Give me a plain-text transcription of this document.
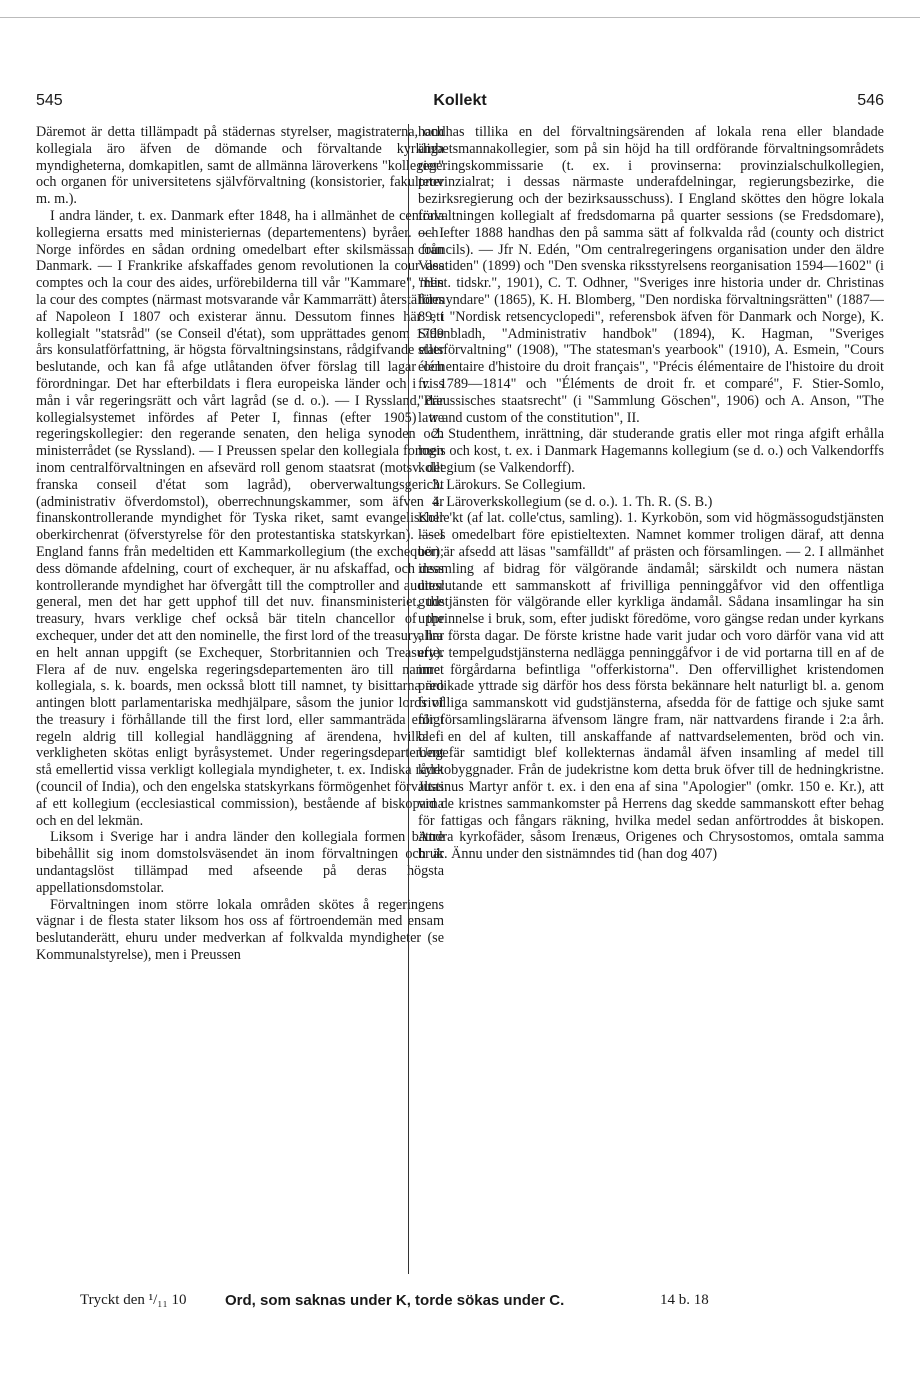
545	Kollekt	546

Däremot är detta tillämpadt på städernas styrelser, magistraterna, och kollegiala äro äfven de dömande och förvaltande kyrkliga myndigheterna, domkapitlen, samt de allmänna läroverkens "kollegier" och organen för universitetens självförvaltning (konsistorier, fakulteter m. m.).

I andra länder, t. ex. Danmark efter 1848, ha i allmänhet de centrala kollegierna ersatts med ministeriernas (departementens) byråer. — I Norge infördes en sådan ordning omedelbart efter skilsmässan från Danmark. — I Frankrike afskaffades genom revolutionen la cour des comptes och la cour des aides, urförebilderna till vår "Kammare", men la cour des comptes (närmast motsvarande vår Kammarrätt) återställdes af Napoleon I 1807 och existerar ännu. Dessutom finnes här ett kollegialt "statsråd" (se Conseil d'état), som upprättades genom 1799 års konsulatförfattning, är högsta förvaltningsinstans, rådgifvande eller beslutande, och kan få afge utlåtanden öfver förslag till lagar och förordningar. Det har efterbildats i flera europeiska länder och i viss mån i vår regeringsrätt och vårt lagråd (se d. o.). — I Ryssland, där kollegialsystemet infördes af Peter I, finnas (efter 1905) tre regeringskollegier: den regerande senaten, den heliga synoden och ministerrådet (se Ryssland). — I Preussen spelar den kollegiala formen inom centralförvaltningen en afsevärd roll genom staatsrat (motsv. det franska conseil d'état som lagråd), oberverwaltungsgericht (administrativ öfverdomstol), oberrechnungskammer, som äfven är finanskontrollerande myndighet för Tyska riket, samt evangelischer oberkirchenrat (öfverstyrelse för den protestantiska statskyrkan). — I England fanns från medeltiden ett Kammarkollegium (the exchequer); dess dömande afdelning, court of exchequer, är nu afskaffad, och dess kontrollerande myndighet har öfvergått till the comptroller and auditor general, men det har gett upphof till det nuv. finansministeriet, the treasury, hvars verklige chef också bär titeln chancellor of the exchequer, under det att den nominelle, the first lord of the treasury, har en helt annan uppgift (se Exchequer, Storbritannien och Treasury). Flera af de nuv. engelska regeringsdepartementen äro till namnet kollegiala, s. k. boards, men ocksså blott till namnet, ty bisittarna äro antingen blott parlamentariska medhjälpare, såsom the junior lords of the treasury i förhållande till the first lord, eller sammanträda enligt regeln aldrig till kollegial handläggning af ärendena, hvilka i verkligheten skötas enligt byråsystemet. Under regeringsdepartement stå emellertid vissa verkligt kollegiala myndigheter, t. ex. Indiska rådet (council of India), och den engelska statskyrkans förmögenhet förvaltas af ett kollegium (ecclesiastical commission), bestående af biskoparna och en del lekmän.

Liksom i Sverige har i andra länder den kollegiala formen bättre bibehållit sig inom domstolsväsendet än inom förvaltningen och är undantagslöst tillämpad med afseende på deras högsta appellationsdomstolar.

Förvaltningen inom större lokala områden skötes å regeringens vägnar i de flesta stater liksom hos oss af förtroendemän med ensam beslutanderätt, ehuru under medverkan af folkvalda myndigheter (se Kommunalstyrelse), men i Preussen

handhas tillika en del förvaltningsärenden af lokala rena eller blandade ämbetsmannakollegier, som på sin höjd ha till ordförande förvaltningsområdets regeringskommissarie (t. ex. i provinserna: provinzialschulkollegien, provinzialrat; i dessas närmaste underafdelningar, regierungsbezirke, die bezirksregierung och der bezirksausschuss). I England sköttes den högre lokala förvaltningen kollegialt af fredsdomarna på quarter sessions (se Fredsdomare), och efter 1888 handhas den på samma sätt af folkvalda råd (county och district councils). — Jfr N. Edén, "Om centralregeringens organisation under den äldre Vasatiden" (1899) och "Den svenska riksstyrelsens reorganisation 1594—1602" (i "Hist. tidskr.", 1901), C. T. Odhner, "Sveriges inre historia under dr. Christinas förmyndare" (1865), K. H. Blomberg, "Den nordiska förvaltningsrätten" (1887—89, i "Nordisk retsencyclopedi", referensbok äfven för Danmark och Norge), K. Sidenbladh, "Administrativ handbok" (1894), K. Hagman, "Sveriges statsförvaltning" (1908), "The statesman's yearbook" (1910), A. Esmein, "Cours élémentaire d'histoire du droit français", "Précis élémentaire de l'histoire du droit fr. 1789—1814" och "Éléments de droit fr. et comparé", F. Stier-Somlo, "Preussisches staatsrecht" (i "Sammlung Göschen", 1906) och A. Anson, "The law and custom of the constitution", II.

2. Studenthem, inrättning, där studerande gratis eller mot ringa afgift erhålla logis och kost, t. ex. i Danmark Hagemanns kollegium (se d. o.) och Valkendorffs kollegium (se Valkendorff).

3. Lärokurs. Se Collegium.

4. Läroverkskollegium (se d. o.). 1. Th. R. (S. B.)

Kolle'kt (af lat. colle'ctus, samling). 1. Kyrkobön, som vid högmässogudstjänsten läses omedelbart före epistieltexten. Namnet kommer troligen däraf, att denna bön är afsedd att läsas "samfälldt" af prästen och församlingen. — 2. I allmänhet insamling af bidrag för välgörande ändamål; särskildt och numera nästan uteslutande ett sammanskott af frivilliga penninggåfvor vid den offentliga gudstjänsten för välgörande eller kyrkliga ändamål. Sådana insamlingar ha sin upprinnelse i bruk, som, efter judiskt föredöme, voro gängse redan under kyrkans allra första dagar. De förste kristne hade varit judar och voro därför vana vid att efter tempelgudstjänsterna nedlägga penninggåfvor i de vid portarna till en af de inre förgårdarna befintliga "offerkistorna". Den offervillighet kristendomen predikade yttrade sig därför hos dess första bekännare helt naturligt bl. a. genom frivilliga sammanskott vid gudstjänsterna, afsedda för de fattige och sjuke samt för församlingslärarna äfvensom längre fram, när nattvardens firande i 2:a årh. blef en del af kulten, till anskaffande af nattvardselementen, bröd och vin. Ungefär samtidigt blef kollekternas ändamål äfven insamling af medel till kyrkobyggnader. Från de judekristne kom detta bruk öfver till de hedningkristne. Justinus Martyr anför t. ex. i den ena af sina "Apologier" (omkr. 150 e. Kr.), att vid de kristnes sammankomster på Herrens dag skedde sammanskott efter behag för fattigas och fångars räkning, hvilka medel sedan anförtroddes åt biskopen. Andra kyrkofäder, såsom Irenæus, Origenes och Chrysostomos, omtala samma bruk. Ännu under den sistnämndes tid (han dog 407)

Tryckt den ¹/₁₁ 10	Ord, som saknas under K, torde sökas under C.	14 b. 18
